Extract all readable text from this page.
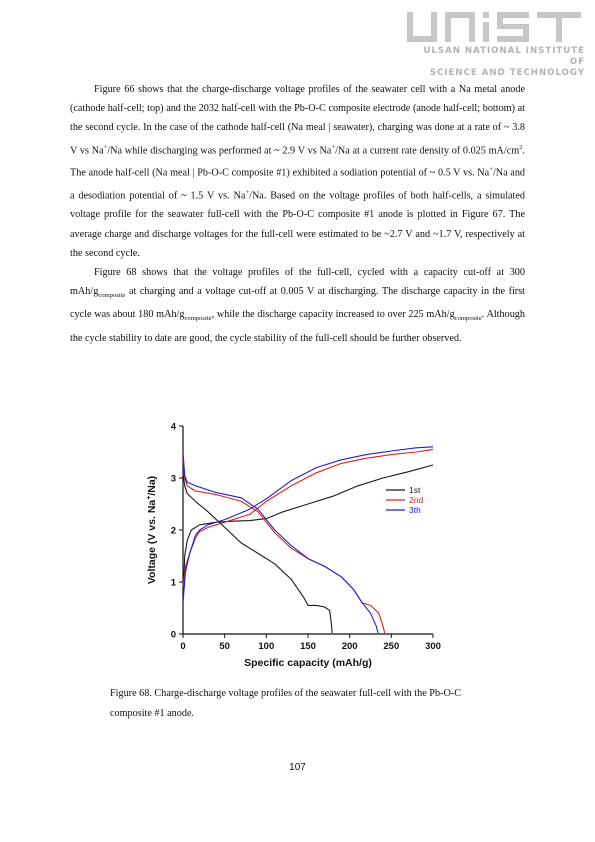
ULSAN NATIONAL INSTITUTE OF
SCIENCE AND TECHNOLOGY

Figure 66 shows that the charge-discharge voltage profiles of the seawater cell with a Na metal anode (cathode half-cell; top) and the 2032 half-cell with the Pb-O-C composite electrode (anode half-cell; bottom) at the second cycle. In the case of the cathode half-cell (Na meal | seawater), charging was done at a rate of ~ 3.8 V vs Na+/Na while discharging was performed at ~ 2.9 V vs Na+/Na at a current rate density of 0.025 $mA/cm^2$. The anode half-cell (Na meal | Pb-O-C composite #1) exhibited a sodiation potential of ~ 0.5 V vs. Na+/Na and a desodiation potential of ~ 1.5 V vs. Na+/Na. Based on the voltage profiles of both half-cells, a simulated voltage profile for the seawater full-cell with the Pb-O-C composite #1 anode is plotted in Figure 67. The average charge and discharge voltages for the full-cell were estimated to be ~2.7 V and ~1.7 V, respectively at the second cycle.

Figure 68 shows that the voltage profiles of the full-cell, cycled with a capacity cut-off at 300 mAh/$g_{composite}$ at charging and a voltage cut-off at 0.005 V at discharging. The discharge capacity in the first cycle was about 180 mAh/$g_{composite}$, while the discharge capacity increased to over 225 mAh/$g_{composite}$. Although the cycle stability to date are good, the cycle stability of the full-cell should be further observed.

0	50	100	150	200	250	300
0
1
2
3
4
Specific capacity (mAh/g)
Voltage (V vs. Na+/Na)	1st
2nd
3th
Figure 68. Charge-discharge voltage profiles of the seawater full-cell with the Pb-O-C
composite #1 anode.
107
